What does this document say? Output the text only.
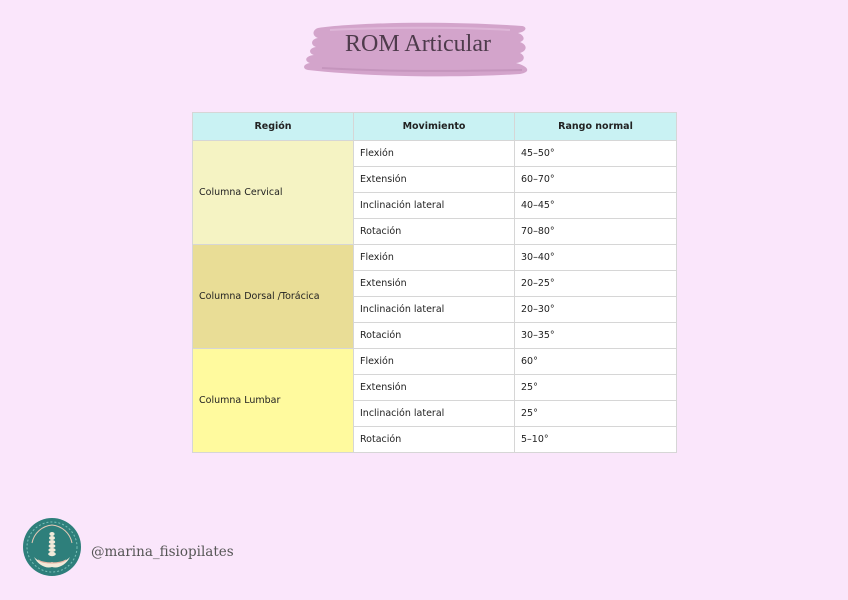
ROM Articular
Región	Movimiento	Rango normal
Columna Cervical	Flexión	45–50°
	Extensión	60–70°
	Inclinación lateral	40–45°
	Rotación	70–80°
Columna Dorsal /Torácica	Flexión	30–40°
	Extensión	20–25°
	Inclinación lateral	20–30°
	Rotación	30–35°
Columna Lumbar	Flexión	60°
	Extensión	25°
	Inclinación lateral	25°
	Rotación	5–10°
@marina_fisiopilates
